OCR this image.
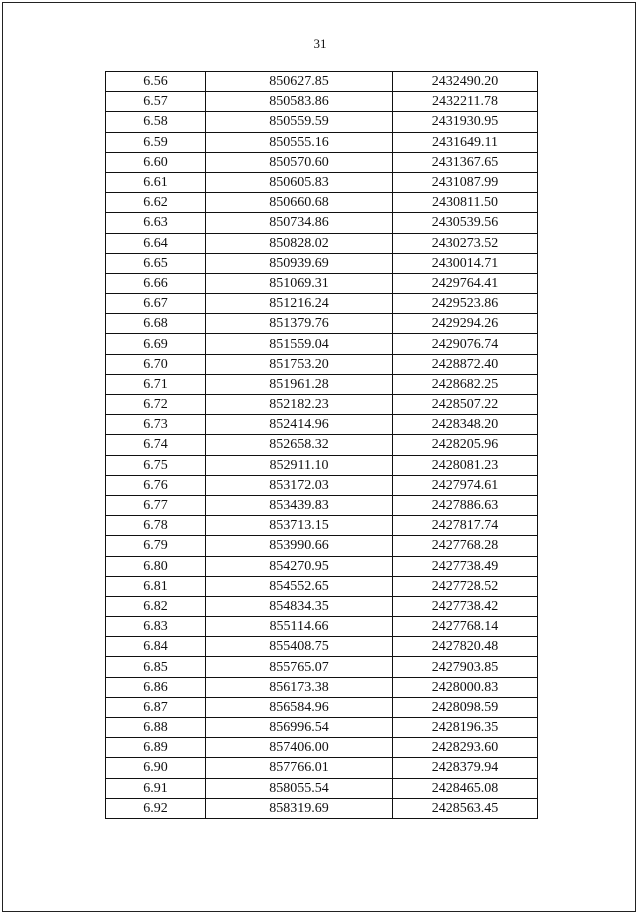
31
6.56	850627.85	2432490.20
6.57	850583.86	2432211.78
6.58	850559.59	2431930.95
6.59	850555.16	2431649.11
6.60	850570.60	2431367.65
6.61	850605.83	2431087.99
6.62	850660.68	2430811.50
6.63	850734.86	2430539.56
6.64	850828.02	2430273.52
6.65	850939.69	2430014.71
6.66	851069.31	2429764.41
6.67	851216.24	2429523.86
6.68	851379.76	2429294.26
6.69	851559.04	2429076.74
6.70	851753.20	2428872.40
6.71	851961.28	2428682.25
6.72	852182.23	2428507.22
6.73	852414.96	2428348.20
6.74	852658.32	2428205.96
6.75	852911.10	2428081.23
6.76	853172.03	2427974.61
6.77	853439.83	2427886.63
6.78	853713.15	2427817.74
6.79	853990.66	2427768.28
6.80	854270.95	2427738.49
6.81	854552.65	2427728.52
6.82	854834.35	2427738.42
6.83	855114.66	2427768.14
6.84	855408.75	2427820.48
6.85	855765.07	2427903.85
6.86	856173.38	2428000.83
6.87	856584.96	2428098.59
6.88	856996.54	2428196.35
6.89	857406.00	2428293.60
6.90	857766.01	2428379.94
6.91	858055.54	2428465.08
6.92	858319.69	2428563.45
